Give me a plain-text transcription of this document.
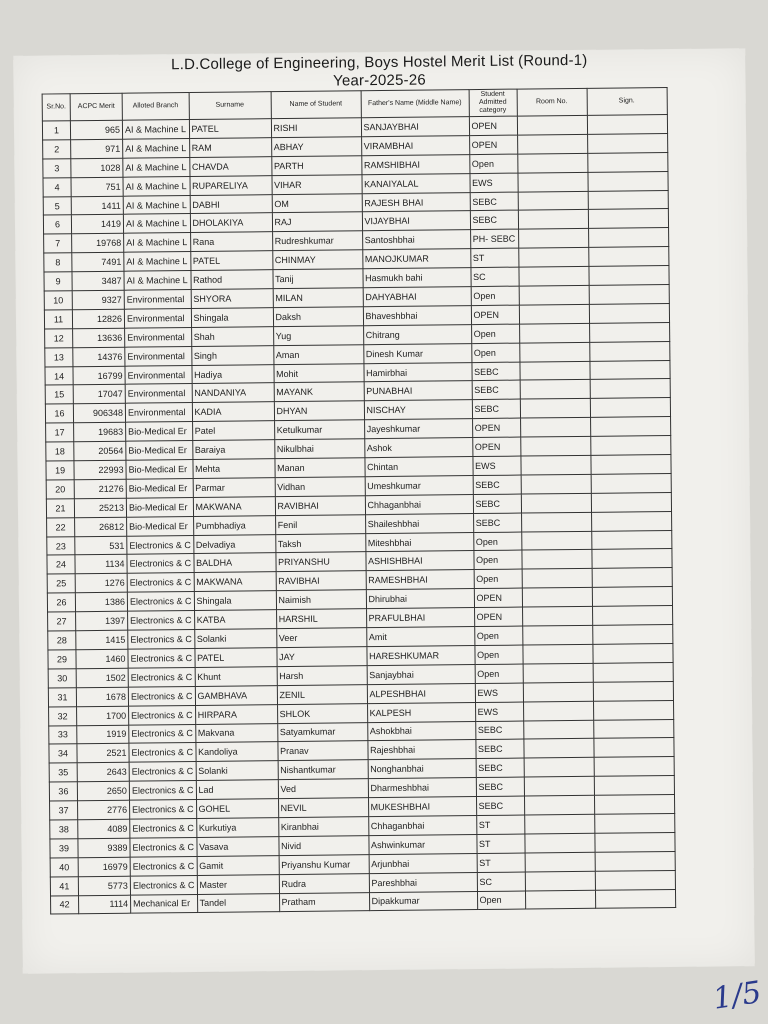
L.D.College of Engineering, Boys Hostel Merit List (Round-1)
Year-2025-26
Sr.No.	ACPC Merit	Alloted Branch	Surname	Name of Student	Father's Name (Middle Name)	Student Admitted category	Room No.	Sign.
1	965	AI & Machine L	PATEL	RISHI	SANJAYBHAI	OPEN		
2	971	AI & Machine L	RAM	ABHAY	VIRAMBHAI	OPEN		
3	1028	AI & Machine L	CHAVDA	PARTH	RAMSHIBHAI	Open		
4	751	AI & Machine L	RUPARELIYA	VIHAR	KANAIYALAL	EWS		
5	1411	AI & Machine L	DABHI	OM	RAJESH BHAI	SEBC		
6	1419	AI & Machine L	DHOLAKIYA	RAJ	VIJAYBHAI	SEBC		
7	19768	AI & Machine L	Rana	Rudreshkumar	Santoshbhai	PH- SEBC		
8	7491	AI & Machine L	PATEL	CHINMAY	MANOJKUMAR	ST		
9	3487	AI & Machine L	Rathod	Tanij	Hasmukh bahi	SC		
10	9327	Environmental	SHYORA	MILAN	DAHYABHAI	Open		
11	12826	Environmental	Shingala	Daksh	Bhaveshbhai	OPEN		
12	13636	Environmental	Shah	Yug	Chitrang	Open		
13	14376	Environmental	Singh	Aman	Dinesh Kumar	Open		
14	16799	Environmental	Hadiya	Mohit	Hamirbhai	SEBC		
15	17047	Environmental	NANDANIYA	MAYANK	PUNABHAI	SEBC		
16	906348	Environmental	KADIA	DHYAN	NISCHAY	SEBC		
17	19683	Bio-Medical Er	Patel	Ketulkumar	Jayeshkumar	OPEN		
18	20564	Bio-Medical Er	Baraiya	Nikulbhai	Ashok	OPEN		
19	22993	Bio-Medical Er	Mehta	Manan	Chintan	EWS		
20	21276	Bio-Medical Er	Parmar	Vidhan	Umeshkumar	SEBC		
21	25213	Bio-Medical Er	MAKWANA	RAVIBHAI	Chhaganbhai	SEBC		
22	26812	Bio-Medical Er	Pumbhadiya	Fenil	Shaileshbhai	SEBC		
23	531	Electronics & C	Delvadiya	Taksh	Miteshbhai	Open		
24	1134	Electronics & C	BALDHA	PRIYANSHU	ASHISHBHAI	Open		
25	1276	Electronics & C	MAKWANA	RAVIBHAI	RAMESHBHAI	Open		
26	1386	Electronics & C	Shingala	Naimish	Dhirubhai	OPEN		
27	1397	Electronics & C	KATBA	HARSHIL	PRAFULBHAI	OPEN		
28	1415	Electronics & C	Solanki	Veer	Amit	Open		
29	1460	Electronics & C	PATEL	JAY	HARESHKUMAR	Open		
30	1502	Electronics & C	Khunt	Harsh	Sanjaybhai	Open		
31	1678	Electronics & C	GAMBHAVA	ZENIL	ALPESHBHAI	EWS		
32	1700	Electronics & C	HIRPARA	SHLOK	KALPESH	EWS		
33	1919	Electronics & C	Makvana	Satyamkumar	Ashokbhai	SEBC		
34	2521	Electronics & C	Kandoliya	Pranav	Rajeshbhai	SEBC		
35	2643	Electronics & C	Solanki	Nishantkumar	Nonghanbhai	SEBC		
36	2650	Electronics & C	Lad	Ved	Dharmeshbhai	SEBC		
37	2776	Electronics & C	GOHEL	NEVIL	MUKESHBHAI	SEBC		
38	4089	Electronics & C	Kurkutiya	Kiranbhai	Chhaganbhai	ST		
39	9389	Electronics & C	Vasava	Nivid	Ashwinkumar	ST		
40	16979	Electronics & C	Gamit	Priyanshu Kumar	Arjunbhai	ST		
41	5773	Electronics & C	Master	Rudra	Pareshbhai	SC		
42	1114	Mechanical Er	Tandel	Pratham	Dipakkumar	Open		
1/5
